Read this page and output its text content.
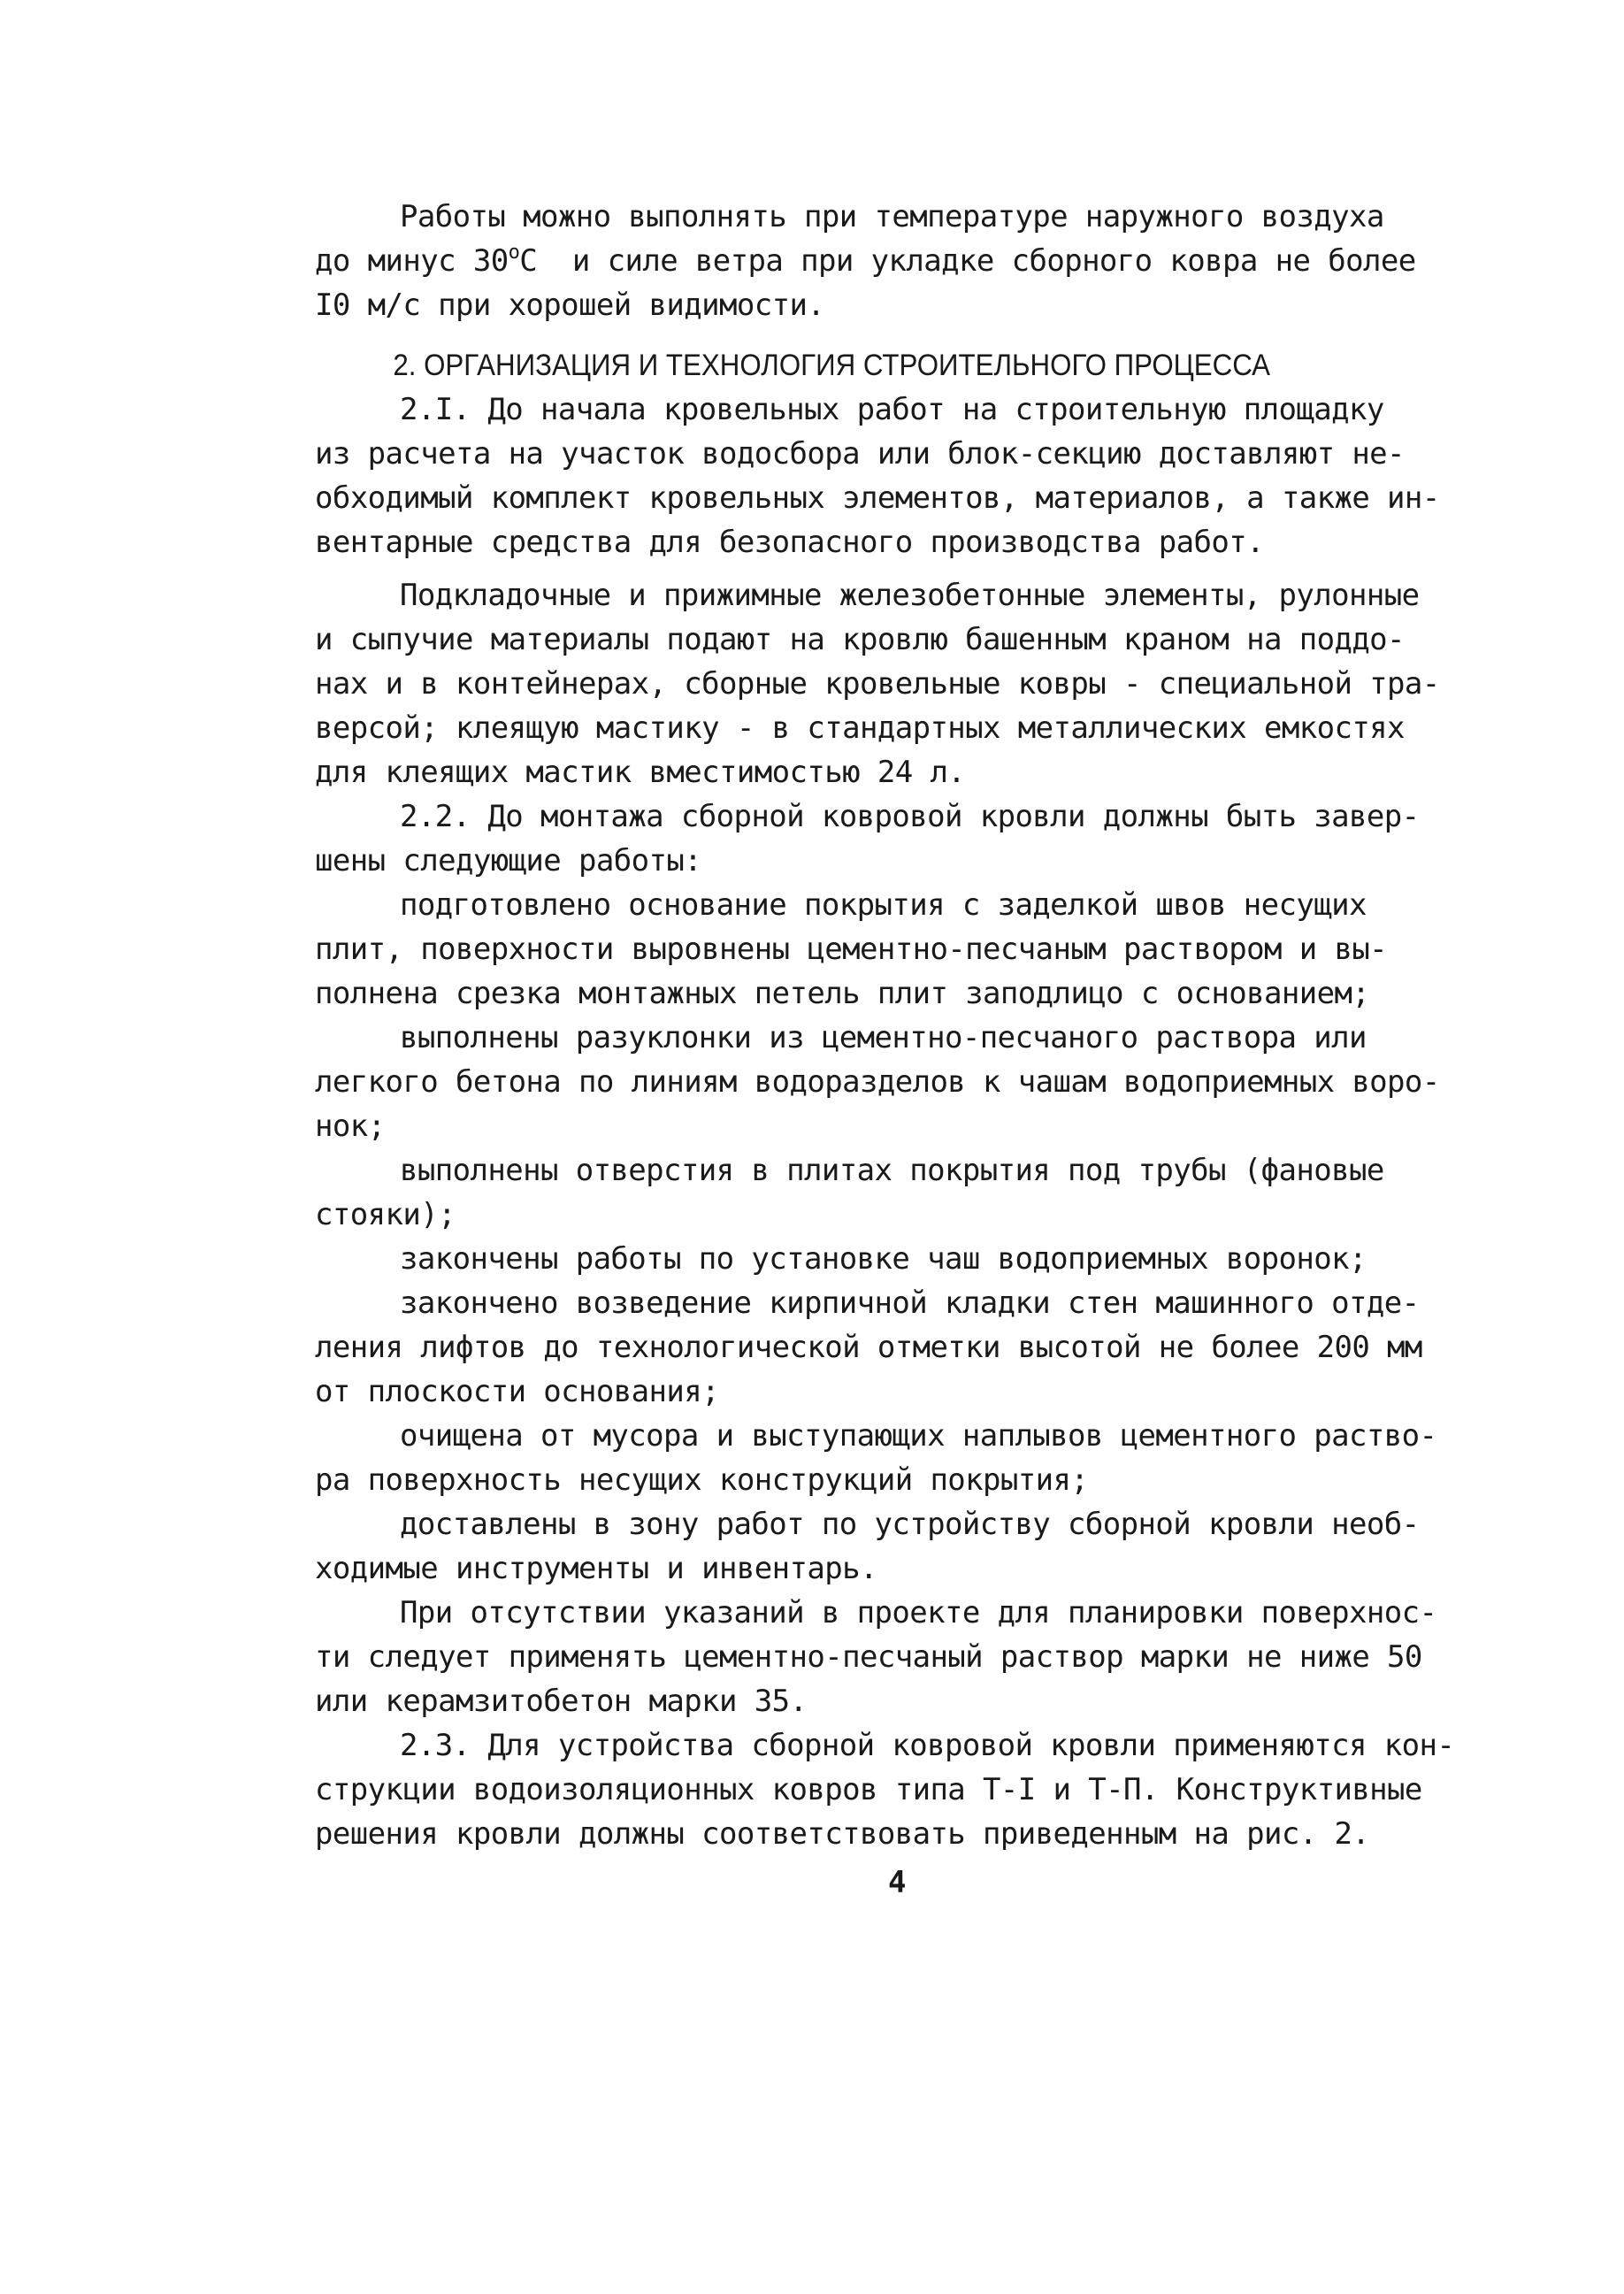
Работы можно выполнять при температуре наружного воздуха
до минус $30^оC$  и силе ветра при укладке сборного ковра не более
I0 м/с при хорошей видимости.
2. ОРГАНИЗАЦИЯ И ТЕХНОЛОГИЯ СТРОИТЕЛЬНОГО ПРОЦЕССА
2.I. До начала кровельных работ на строительную площадку
из расчета на участок водосбора или блок-секцию доставляют не-
обходимый комплект кровельных элементов, материалов, а также ин-
вентарные средства для безопасного производства работ.
Подкладочные и прижимные железобетонные элементы, рулонные
и сыпучие материалы подают на кровлю башенным краном на поддо-
нах и в контейнерах, сборные кровельные ковры - специальной тра-
версой; клеящую мастику - в стандартных металлических емкостях
для клеящих мастик вместимостью 24 л.
2.2. До монтажа сборной ковровой кровли должны быть завер-
шены следующие работы:
подготовлено основание покрытия с заделкой швов несущих
плит, поверхности выровнены цементно-песчаным раствором и вы-
полнена срезка монтажных петель плит заподлицо с основанием;
выполнены разуклонки из цементно-песчаного раствора или
легкого бетона по линиям водоразделов к чашам водоприемных воро-
нок;
выполнены отверстия в плитах покрытия под трубы (фановые
стояки);
закончены работы по установке чаш водоприемных воронок;
закончено возведение кирпичной кладки стен машинного отде-
ления лифтов до технологической отметки высотой не более 200 мм
от плоскости основания;
очищена от мусора и выступающих наплывов цементного раство-
ра поверхность несущих конструкций покрытия;
доставлены в зону работ по устройству сборной кровли необ-
ходимые инструменты и инвентарь.
При отсутствии указаний в проекте для планировки поверхнос-
ти следует применять цементно-песчаный раствор марки не ниже 50
или керамзитобетон марки 35.
2.3. Для устройства сборной ковровой кровли применяются кон-
струкции водоизоляционных ковров типа Т-I и Т-П. Конструктивные
решения кровли должны соответствовать приведенным на рис. 2.
4
